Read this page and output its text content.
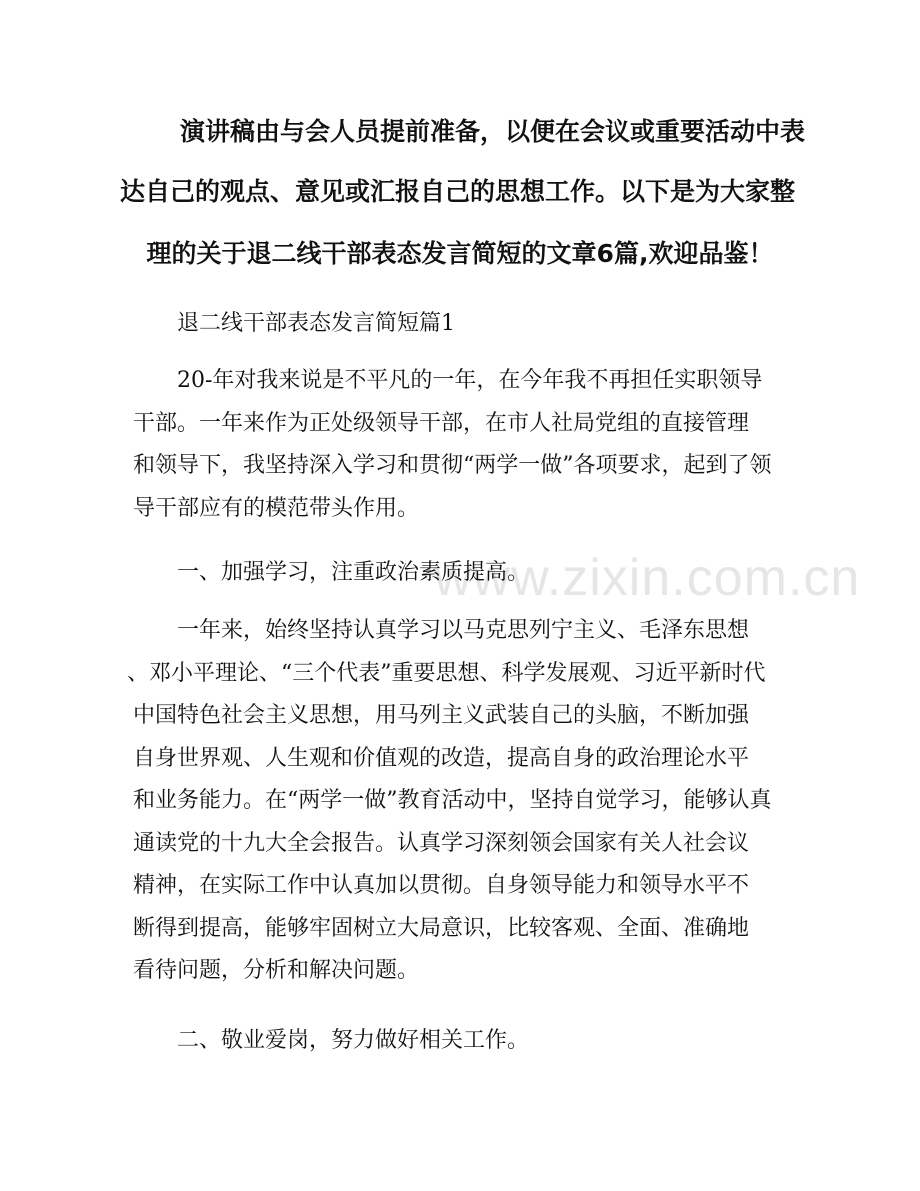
演讲稿由与会人员提前准备，以便在会议或重要活动中表
达自己的观点、意见或汇报自己的思想工作。以下是为大家整
理的关于退二线干部表态发言简短的文章6篇,欢迎品鉴！
退二线干部表态发言简短篇1
20-年对我来说是不平凡的一年，在今年我不再担任实职领导
干部。一年来作为正处级领导干部，在市人社局党组的直接管理
和领导下，我坚持深入学习和贯彻“两学一做”各项要求，起到了领
导干部应有的模范带头作用。
www.zixin.com.cn
一、加强学习，注重政治素质提高。
一年来，始终坚持认真学习以马克思列宁主义、毛泽东思想
、邓小平理论、“三个代表”重要思想、科学发展观、习近平新时代
中国特色社会主义思想，用马列主义武装自己的头脑，不断加强
自身世界观、人生观和价值观的改造，提高自身的政治理论水平
和业务能力。在“两学一做”教育活动中，坚持自觉学习，能够认真
通读党的十九大全会报告。认真学习深刻领会国家有关人社会议
精神，在实际工作中认真加以贯彻。自身领导能力和领导水平不
断得到提高，能够牢固树立大局意识，比较客观、全面、准确地
看待问题，分析和解决问题。
二、敬业爱岗，努力做好相关工作。
